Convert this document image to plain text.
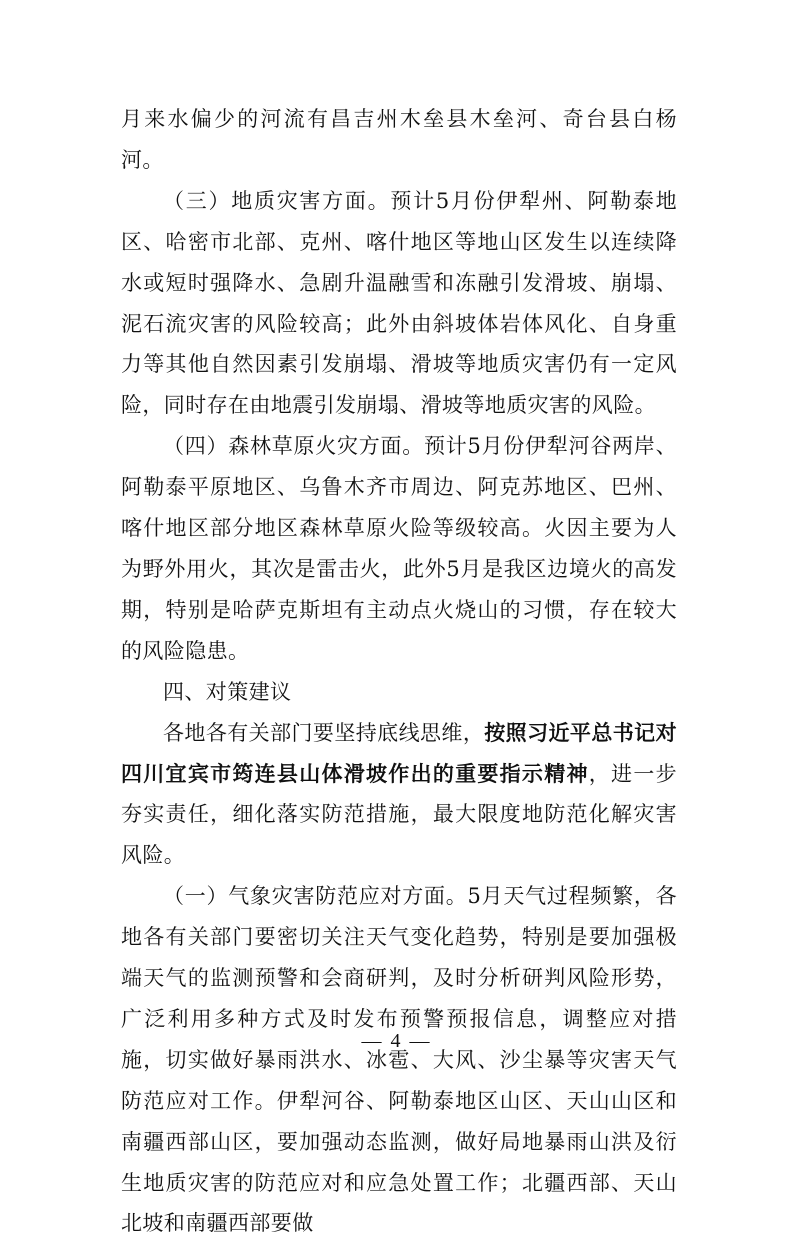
月来水偏少的河流有昌吉州木垒县木垒河、奇台县白杨河。

（三）地质灾害方面。预计5月份伊犁州、阿勒泰地区、哈密市北部、克州、喀什地区等地山区发生以连续降水或短时强降水、急剧升温融雪和冻融引发滑坡、崩塌、泥石流灾害的风险较高；此外由斜坡体岩体风化、自身重力等其他自然因素引发崩塌、滑坡等地质灾害仍有一定风险，同时存在由地震引发崩塌、滑坡等地质灾害的风险。

（四）森林草原火灾方面。预计5月份伊犁河谷两岸、阿勒泰平原地区、乌鲁木齐市周边、阿克苏地区、巴州、喀什地区部分地区森林草原火险等级较高。火因主要为人为野外用火，其次是雷击火，此外5月是我区边境火的高发期，特别是哈萨克斯坦有主动点火烧山的习惯，存在较大的风险隐患。

四、对策建议

各地各有关部门要坚持底线思维，按照习近平总书记对四川宜宾市筠连县山体滑坡作出的重要指示精神，进一步夯实责任，细化落实防范措施，最大限度地防范化解灾害风险。

（一）气象灾害防范应对方面。5月天气过程频繁，各地各有关部门要密切关注天气变化趋势，特别是要加强极端天气的监测预警和会商研判，及时分析研判风险形势，广泛利用多种方式及时发布预警预报信息，调整应对措施，切实做好暴雨洪水、冰雹、大风、沙尘暴等灾害天气防范应对工作。伊犁河谷、阿勒泰地区山区、天山山区和南疆西部山区，要加强动态监测，做好局地暴雨山洪及衍生地质灾害的防范应对和应急处置工作；北疆西部、天山北坡和南疆西部要做

— 4 —
